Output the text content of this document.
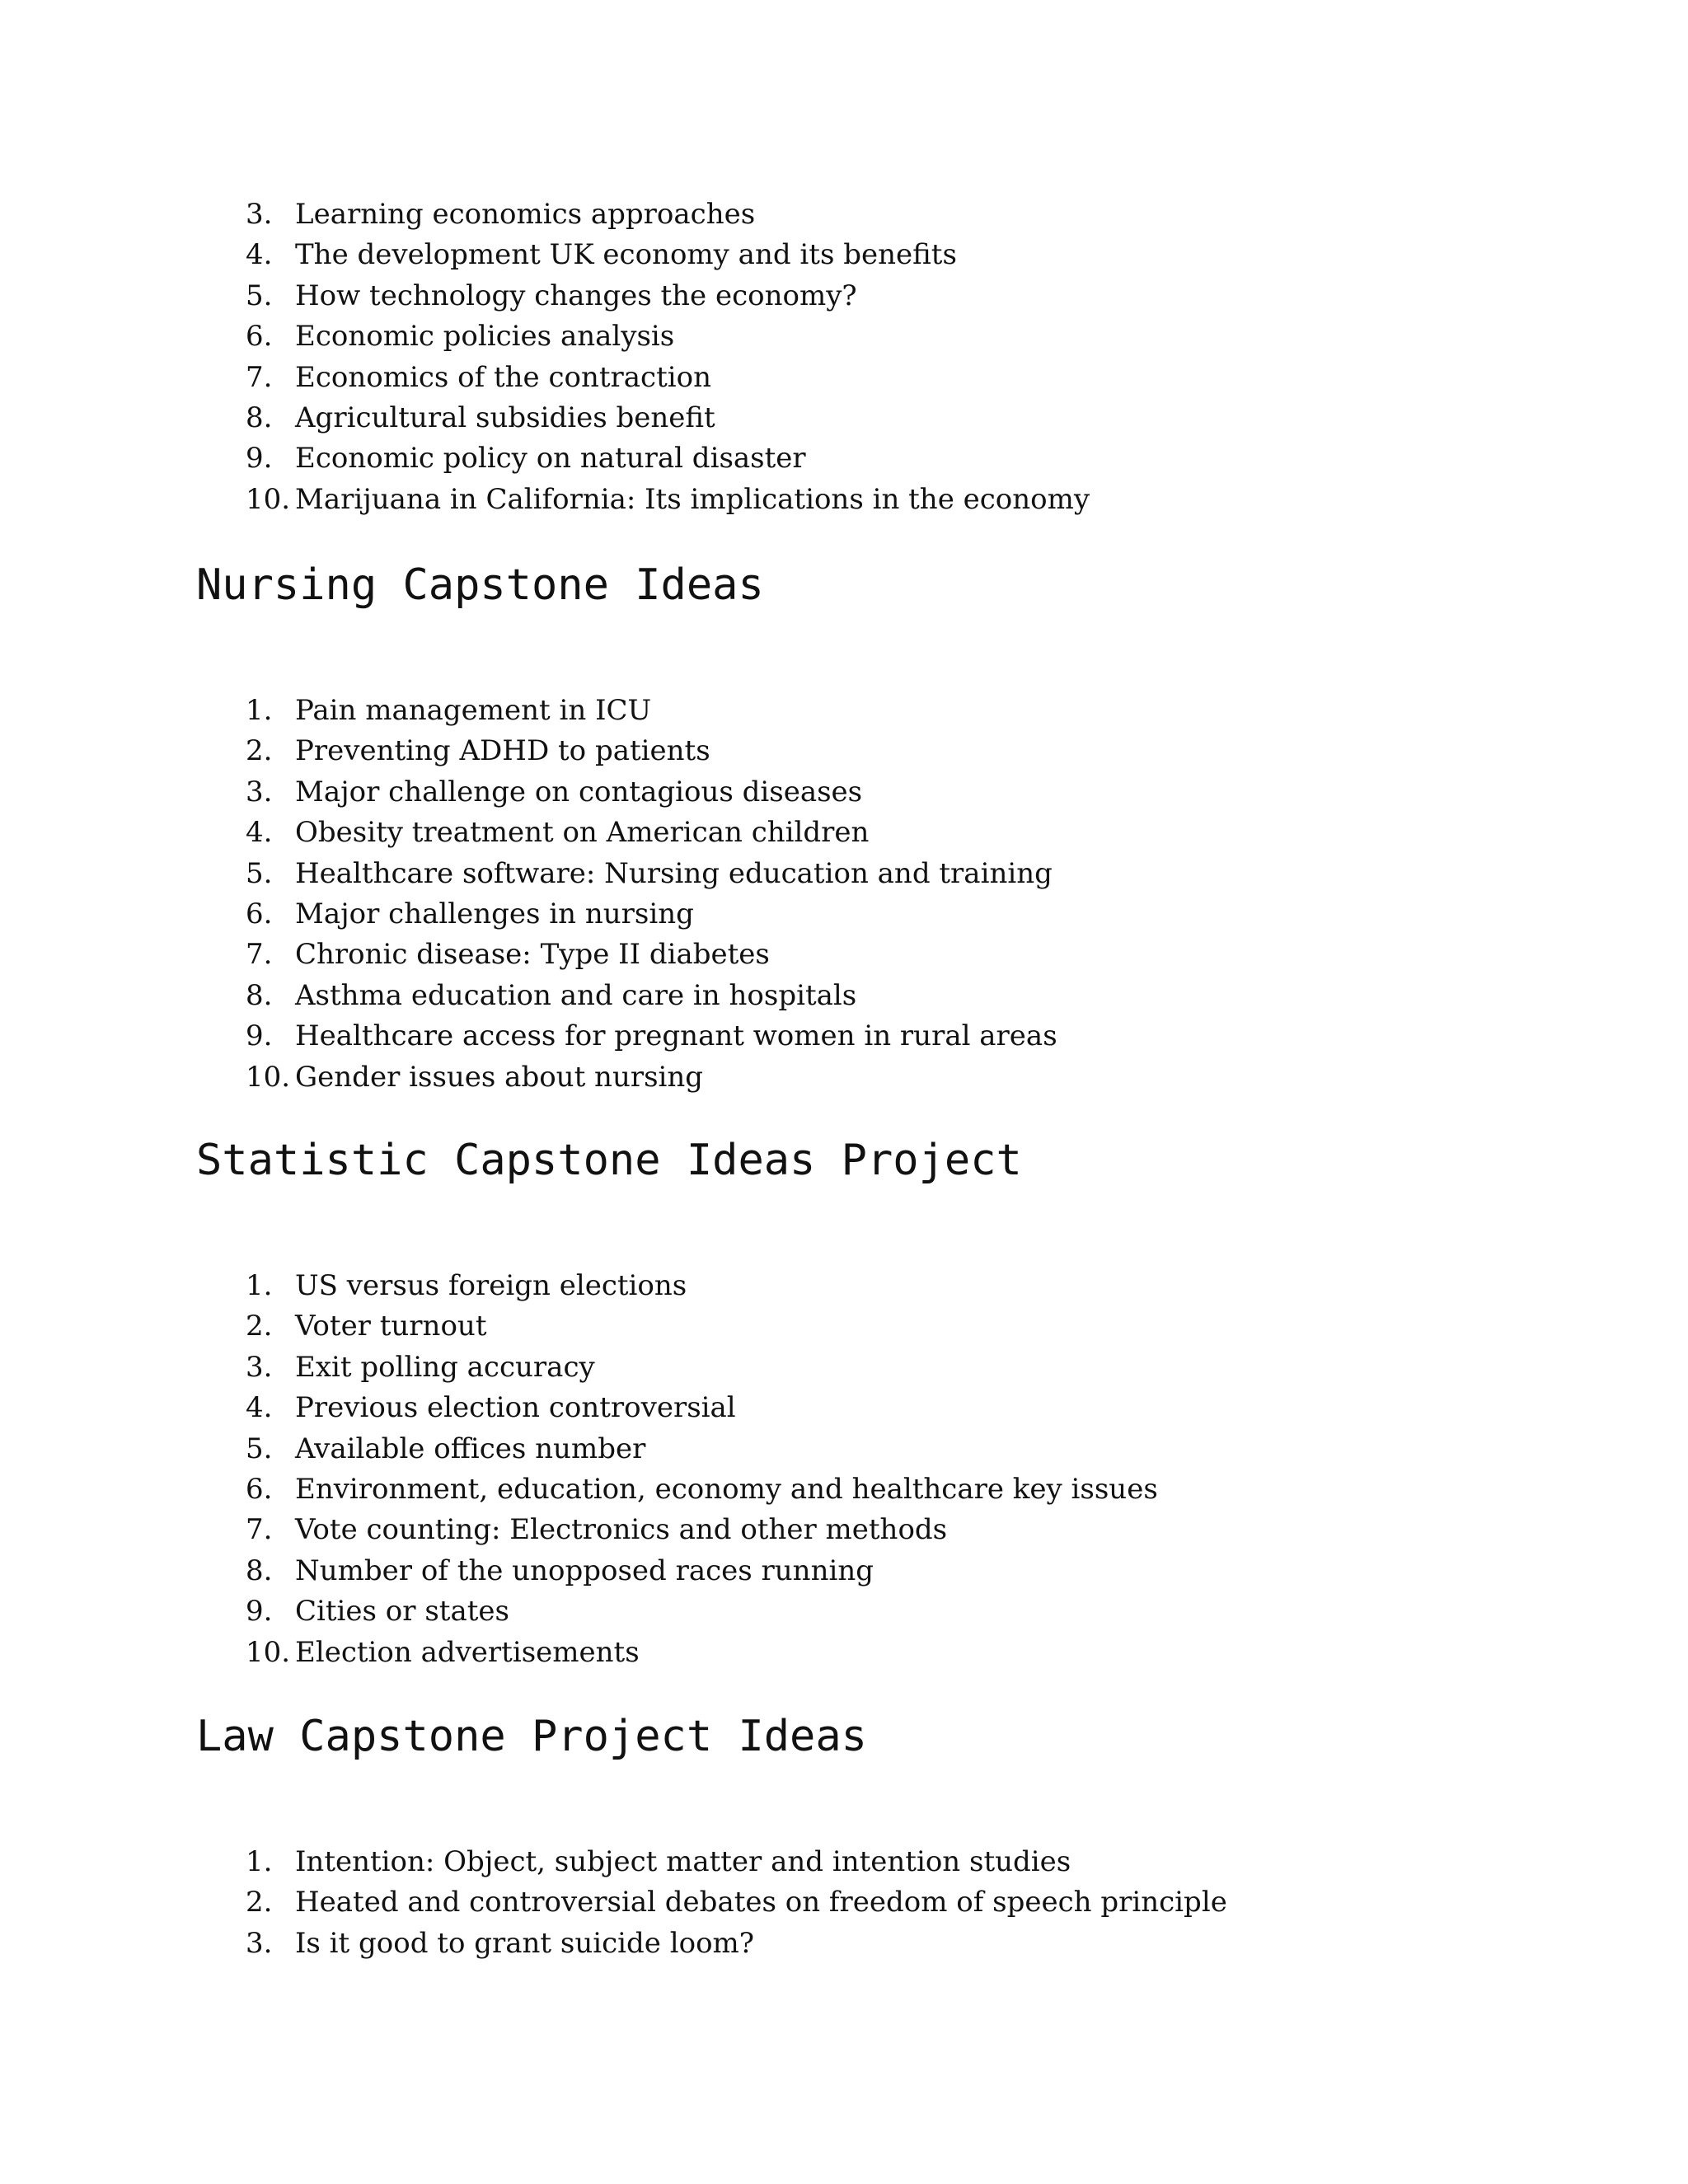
3. Learning economics approaches
4. The development UK economy and its benefits
5. How technology changes the economy?
6. Economic policies analysis
7. Economics of the contraction
8. Agricultural subsidies benefit
9. Economic policy on natural disaster
10. Marijuana in California: Its implications in the economy
Nursing Capstone Ideas
1. Pain management in ICU
2. Preventing ADHD to patients
3. Major challenge on contagious diseases
4. Obesity treatment on American children
5. Healthcare software: Nursing education and training
6. Major challenges in nursing
7. Chronic disease: Type II diabetes
8. Asthma education and care in hospitals
9. Healthcare access for pregnant women in rural areas
10. Gender issues about nursing
Statistic Capstone Ideas Project
1. US versus foreign elections
2. Voter turnout
3. Exit polling accuracy
4. Previous election controversial
5. Available offices number
6. Environment, education, economy and healthcare key issues
7. Vote counting: Electronics and other methods
8. Number of the unopposed races running
9. Cities or states
10. Election advertisements
Law Capstone Project Ideas
1. Intention: Object, subject matter and intention studies
2. Heated and controversial debates on freedom of speech principle
3. Is it good to grant suicide loom?
